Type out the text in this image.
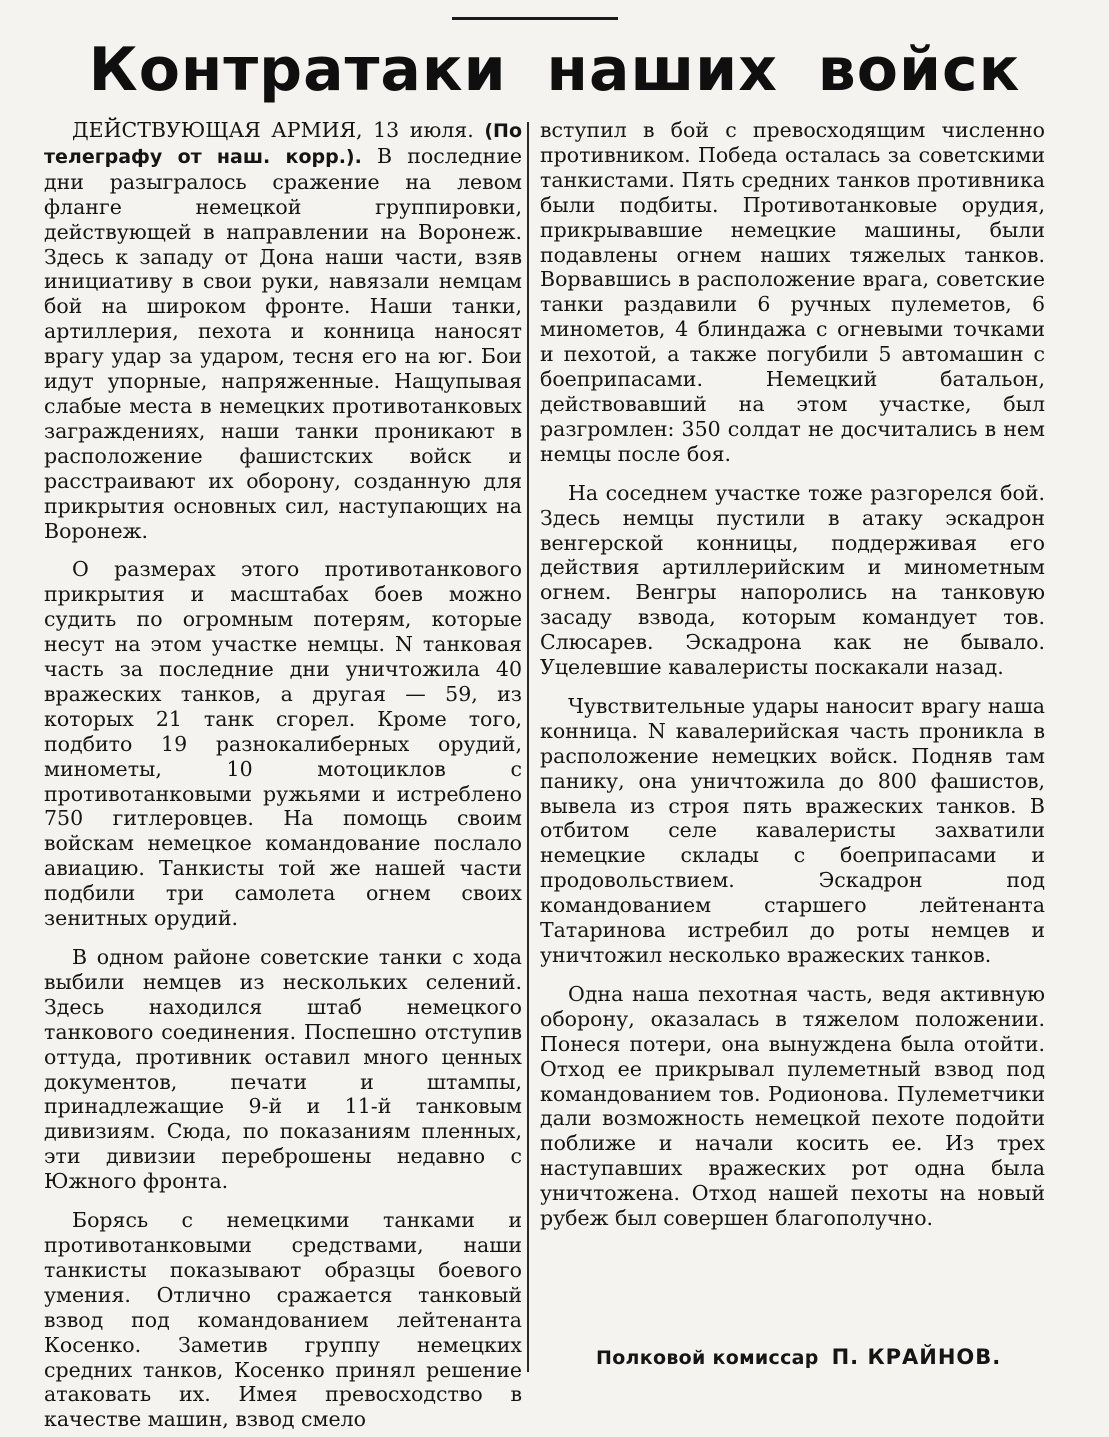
Контратаки наших войск

ДЕЙСТВУЮЩАЯ АРМИЯ, 13 июля. (По телеграфу от наш. корр.). В последние дни разыгралось сражение на левом фланге немецкой группировки, действующей в направлении на Воронеж. Здесь к западу от Дона наши части, взяв инициативу в свои руки, навязали немцам бой на широком фронте. Наши танки, артиллерия, пехота и конница наносят врагу удар за ударом, тесня его на юг. Бои идут упорные, напряженные. Нащупывая слабые места в немецких противотанковых заграждениях, наши танки проникают в расположение фашистских войск и расстраивают их оборону, созданную для прикрытия основных сил, наступающих на Воронеж.

О размерах этого противотанкового прикрытия и масштабах боев можно судить по огромным потерям, которые несут на этом участке немцы. N танковая часть за последние дни уничтожила 40 вражеских танков, а другая — 59, из которых 21 танк сгорел. Кроме того, подбито 19 разнокалиберных орудий, минометы, 10 мотоциклов с противотанковыми ружьями и истреблено 750 гитлеровцев. На помощь своим войскам немецкое командование послало авиацию. Танкисты той же нашей части подбили три самолета огнем своих зенитных орудий.

В одном районе советские танки с хода выбили немцев из нескольких селений. Здесь находился штаб немецкого танкового соединения. Поспешно отступив оттуда, противник оставил много ценных документов, печати и штампы, принадлежащие 9-й и 11-й танковым дивизиям. Сюда, по показаниям пленных, эти дивизии переброшены недавно с Южного фронта.

Борясь с немецкими танками и противотанковыми средствами, наши танкисты показывают образцы боевого умения. Отлично сражается танковый взвод под командованием лейтенанта Косенко. Заметив группу немецких средних танков, Косенко принял решение атаковать их. Имея превосходство в качестве машин, взвод смело

вступил в бой с превосходящим численно противником. Победа осталась за советскими танкистами. Пять средних танков противника были подбиты. Противотанковые орудия, прикрывавшие немецкие машины, были подавлены огнем наших тяжелых танков. Ворвавшись в расположение врага, советские танки раздавили 6 ручных пулеметов, 6 минометов, 4 блиндажа с огневыми точками и пехотой, а также погубили 5 автомашин с боеприпасами. Немецкий батальон, действовавший на этом участке, был разгромлен: 350 солдат не досчитались в нем немцы после боя.

На соседнем участке тоже разгорелся бой. Здесь немцы пустили в атаку эскадрон венгерской конницы, поддерживая его действия артиллерийским и минометным огнем. Венгры напоролись на танковую засаду взвода, которым командует тов. Слюсарев. Эскадрона как не бывало. Уцелевшие кавалеристы поскакали назад.

Чувствительные удары наносит врагу наша конница. N кавалерийская часть проникла в расположение немецких войск. Подняв там панику, она уничтожила до 800 фашистов, вывела из строя пять вражеских танков. В отбитом селе кавалеристы захватили немецкие склады с боеприпасами и продовольствием. Эскадрон под командованием старшего лейтенанта Татаринова истребил до роты немцев и уничтожил несколько вражеских танков.

Одна наша пехотная часть, ведя активную оборону, оказалась в тяжелом положении. Понеся потери, она вынуждена была отойти. Отход ее прикрывал пулеметный взвод под командованием тов. Родионова. Пулеметчики дали возможность немецкой пехоте подойти поближе и начали косить ее. Из трех наступавших вражеских рот одна была уничтожена. Отход нашей пехоты на новый рубеж был совершен благополучно.

Полковой комиссар П. КРАЙНОВ.
